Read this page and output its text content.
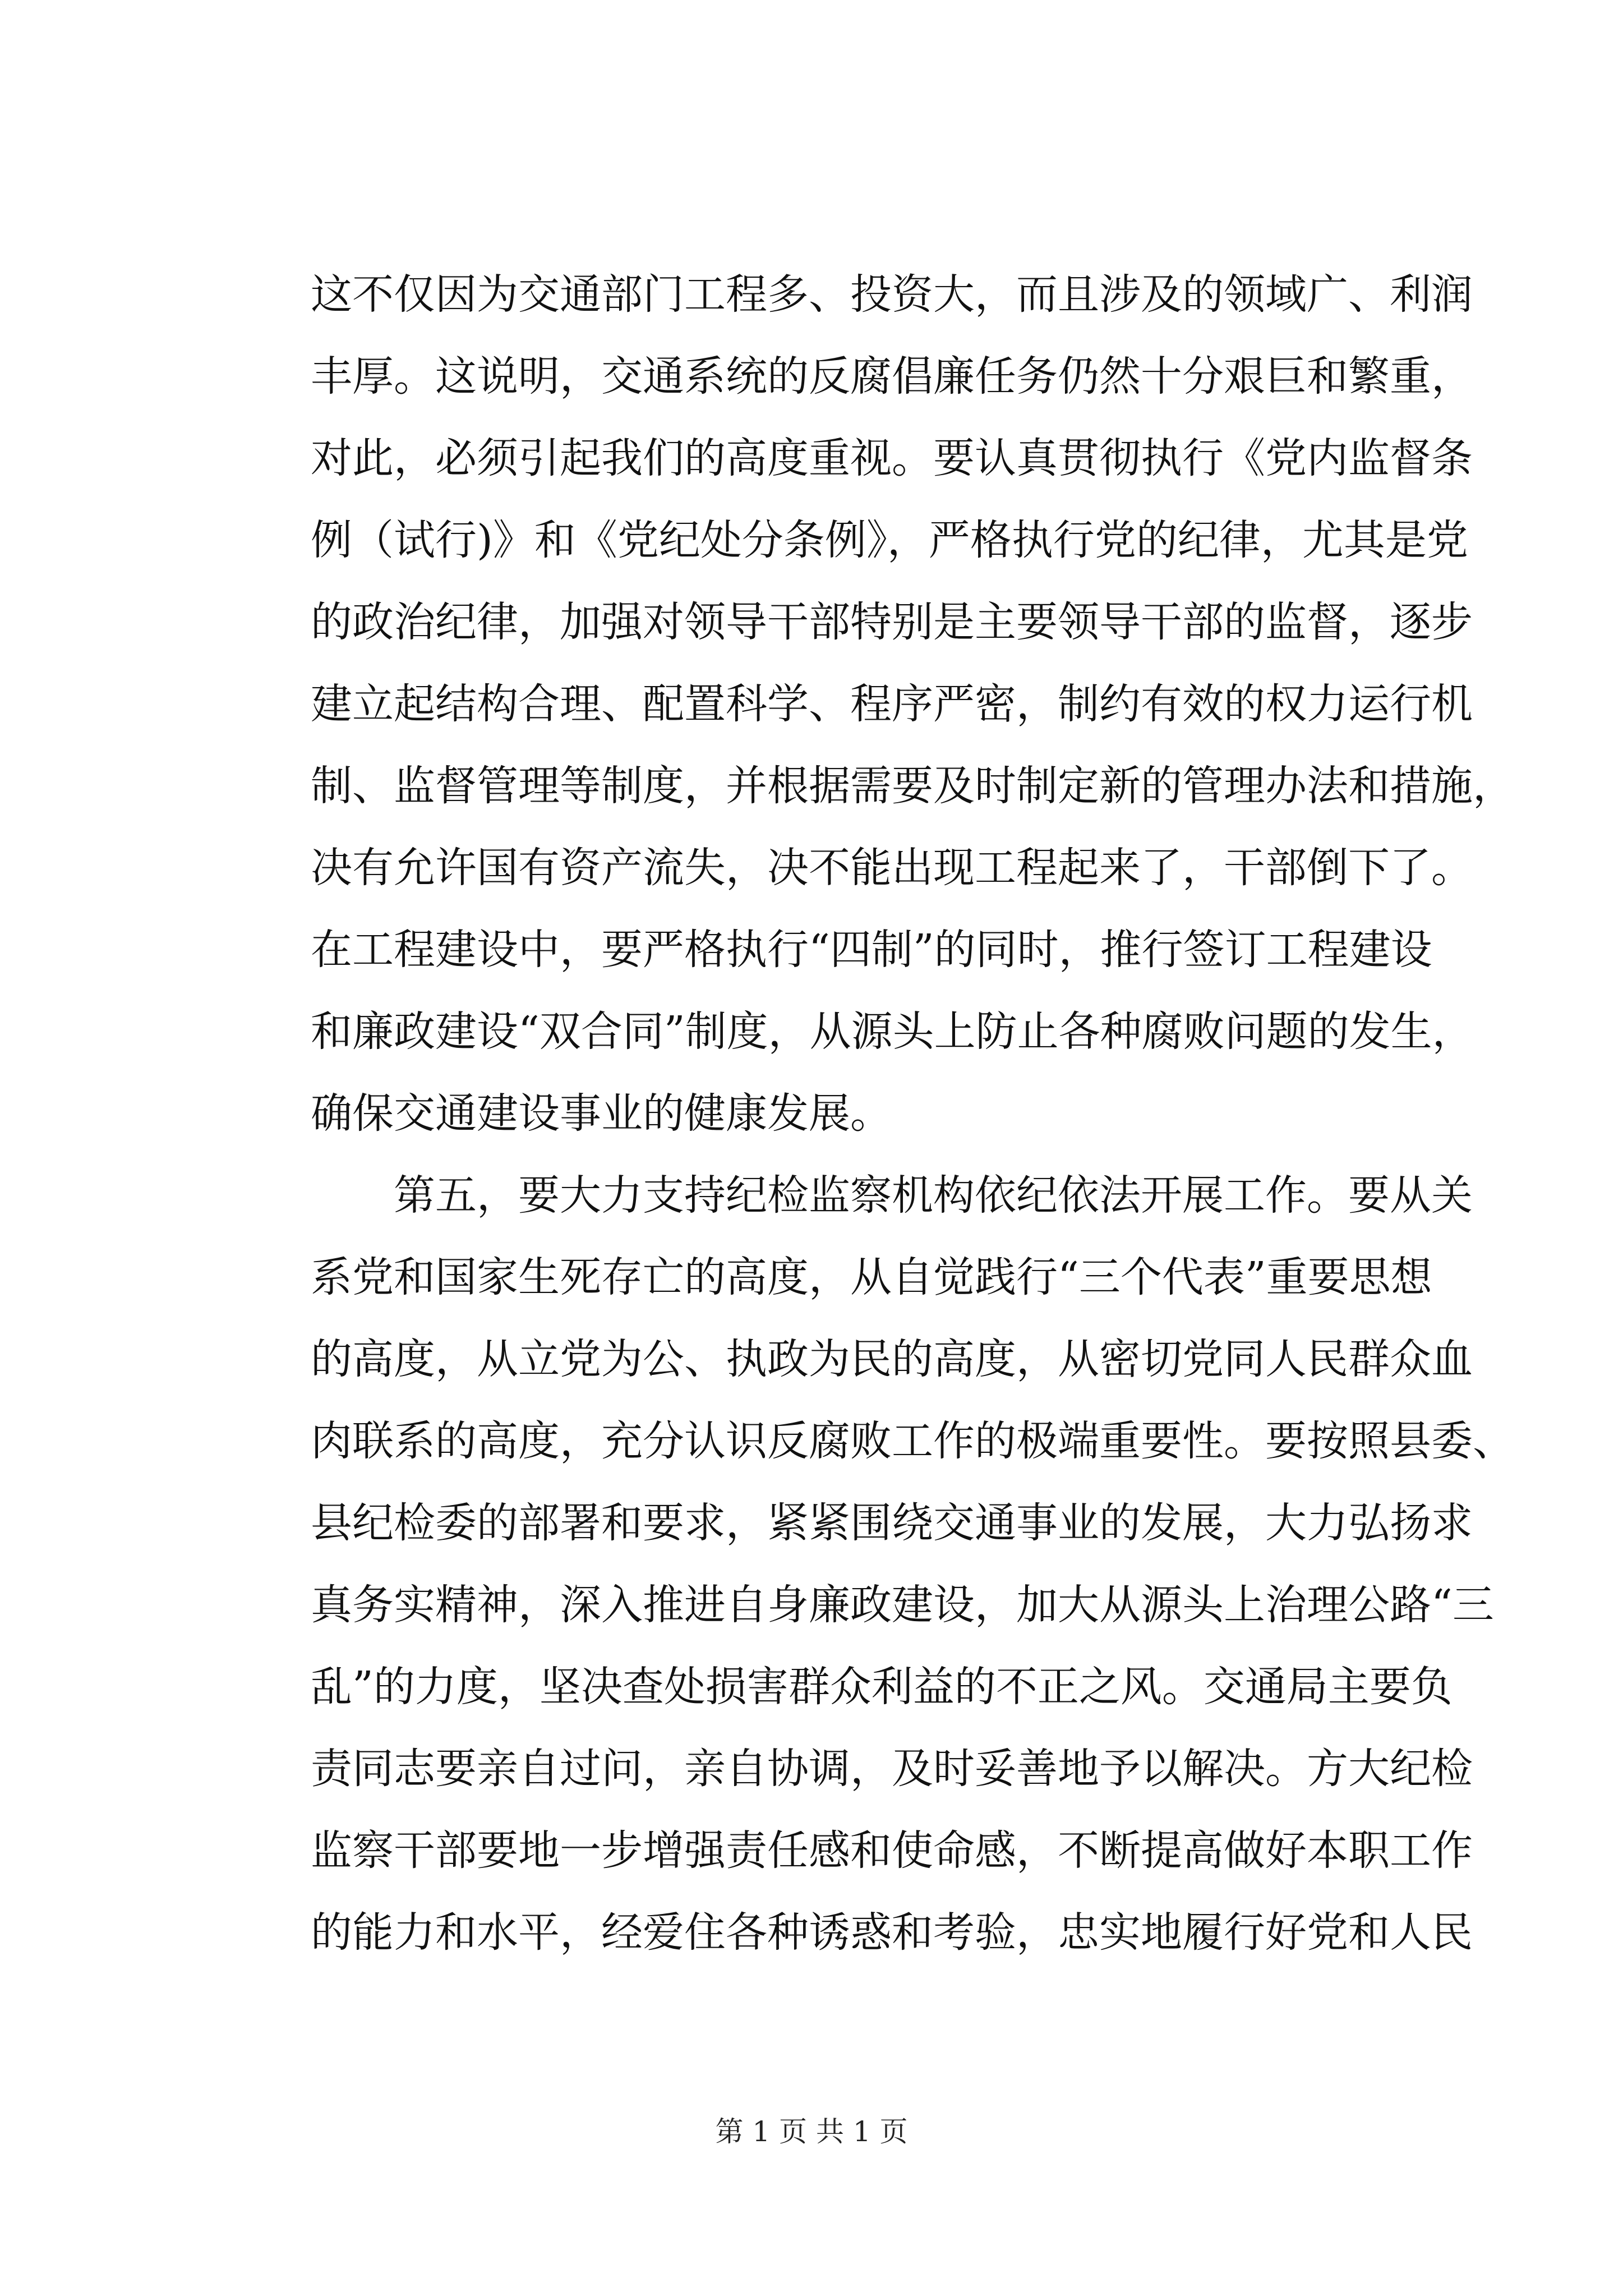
这不仅因为交通部门工程多、投资大，而且涉及的领域广、利润
丰厚。这说明，交通系统的反腐倡廉任务仍然十分艰巨和繁重，
对此，必须引起我们的高度重视。要认真贯彻执行《党内监督条
例（试行)》和《党纪处分条例》，严格执行党的纪律，尤其是党
的政治纪律，加强对领导干部特别是主要领导干部的监督，逐步
建立起结构合理、配置科学、程序严密，制约有效的权力运行机
制、监督管理等制度，并根据需要及时制定新的管理办法和措施，
决有允许国有资产流失，决不能出现工程起来了，干部倒下了。
在工程建设中，要严格执行“四制”的同时，推行签订工程建设
和廉政建设“双合同”制度，从源头上防止各种腐败问题的发生，
确保交通建设事业的健康发展。
　　第五，要大力支持纪检监察机构依纪依法开展工作。要从关
系党和国家生死存亡的高度，从自觉践行“三个代表”重要思想
的高度，从立党为公、执政为民的高度，从密切党同人民群众血
肉联系的高度，充分认识反腐败工作的极端重要性。要按照县委、
县纪检委的部署和要求，紧紧围绕交通事业的发展，大力弘扬求
真务实精神，深入推进自身廉政建设，加大从源头上治理公路“三
乱”的力度，坚决查处损害群众利益的不正之风。交通局主要负
责同志要亲自过问，亲自协调，及时妥善地予以解决。方大纪检
监察干部要地一步增强责任感和使命感，不断提高做好本职工作
的能力和水平，经爱住各种诱惑和考验，忠实地履行好党和人民
第 1 页 共 1 页
